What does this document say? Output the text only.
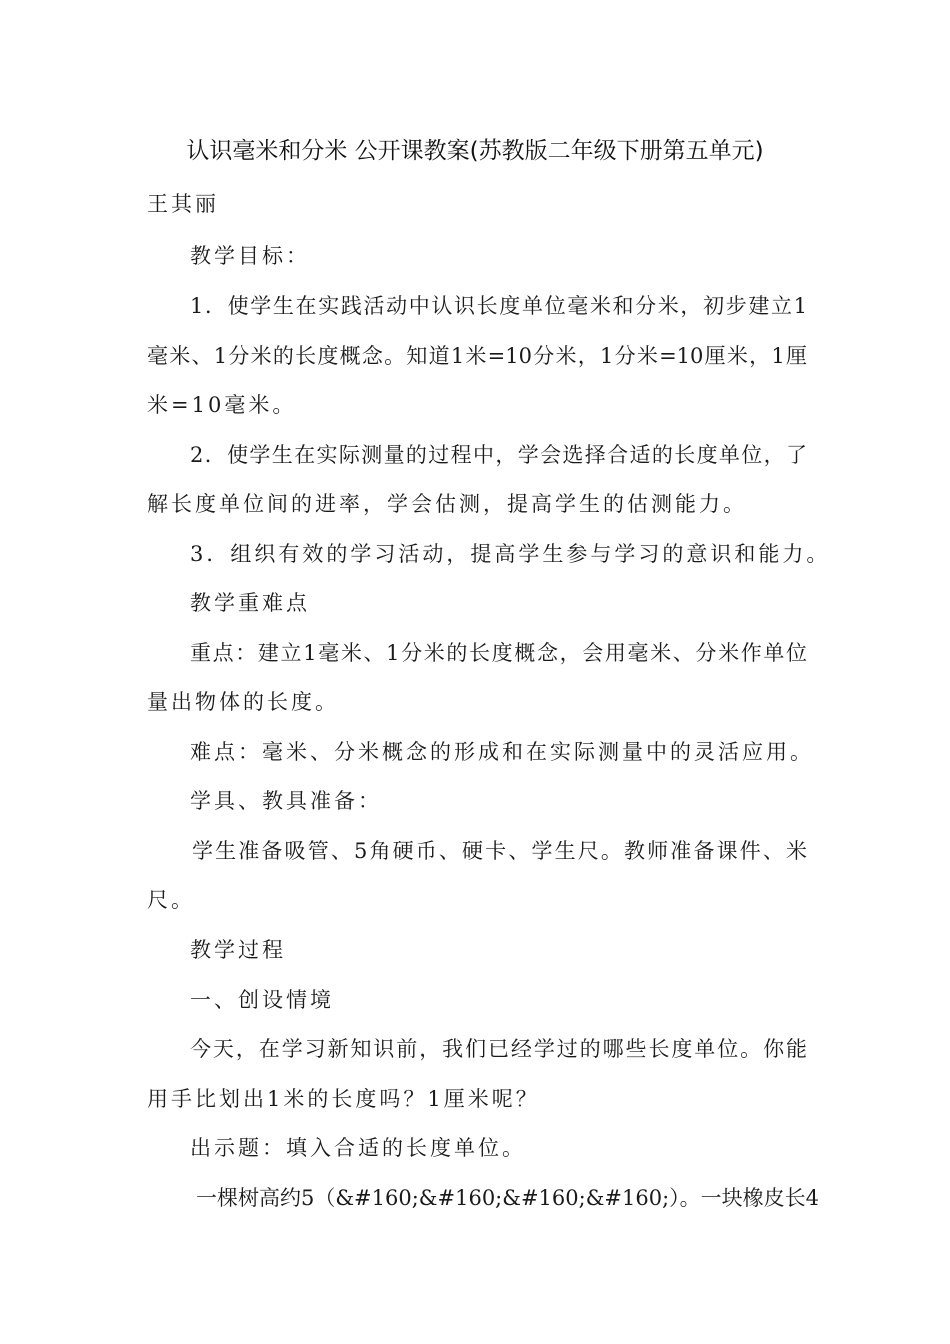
认识毫米和分米 公开课教案(苏教版二年级下册第五单元)
王其丽
教学目标：
1．使学生在实践活动中认识长度单位毫米和分米，初步建立1
毫米、1分米的长度概念。知道1米=10分米，1分米=10厘米，1厘
米=10毫米。
2．使学生在实际测量的过程中，学会选择合适的长度单位，了
解长度单位间的进率，学会估测，提高学生的估测能力。
3．组织有效的学习活动，提高学生参与学习的意识和能力。
教学重难点
重点：建立1毫米、1分米的长度概念，会用毫米、分米作单位
量出物体的长度。
难点：毫米、分米概念的形成和在实际测量中的灵活应用。
学具、教具准备：
学生准备吸管、5角硬币、硬卡、学生尺。教师准备课件、米
尺。
教学过程
一、创设情境
今天，在学习新知识前，我们已经学过的哪些长度单位。你能
用手比划出1米的长度吗？1厘米呢？
出示题：填入合适的长度单位。
一棵树高约5（&#160;&#160;&#160;&#160;）。一块橡皮长4
